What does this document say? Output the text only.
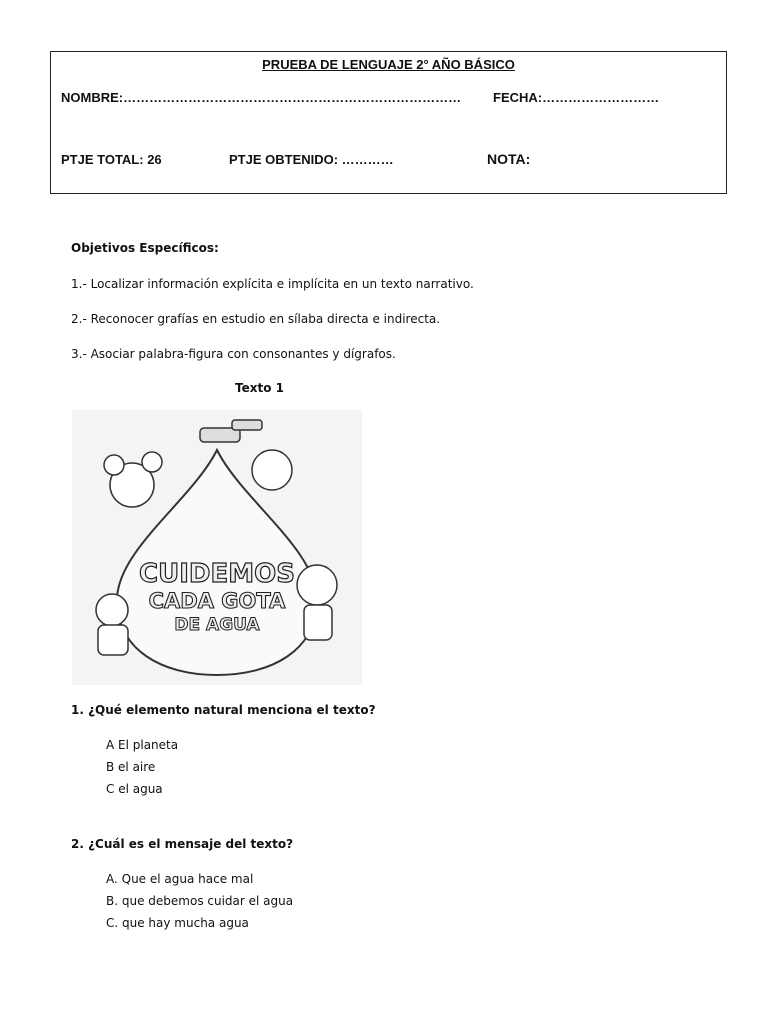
PRUEBA DE LENGUAJE 2° AÑO BÁSICO
NOMBRE:…………………………………………………………………… FECHA:………………………
PTJE TOTAL: 26	PTJE OBTENIDO: …………	NOTA:
Objetivos Específicos:
1.- Localizar información explícita e implícita en un texto narrativo.
2.- Reconocer grafías en estudio en sílaba directa e indirecta.
3.- Asociar palabra-figura con consonantes y dígrafos.
Texto 1
CUIDEMOS
CADA GOTA
DE AGUA
1. ¿Qué elemento natural menciona el texto?
A El planeta
B el aire
C el agua
2. ¿Cuál es el mensaje del texto?
A. Que el agua hace mal
B. que debemos cuidar el agua
C. que hay mucha agua
